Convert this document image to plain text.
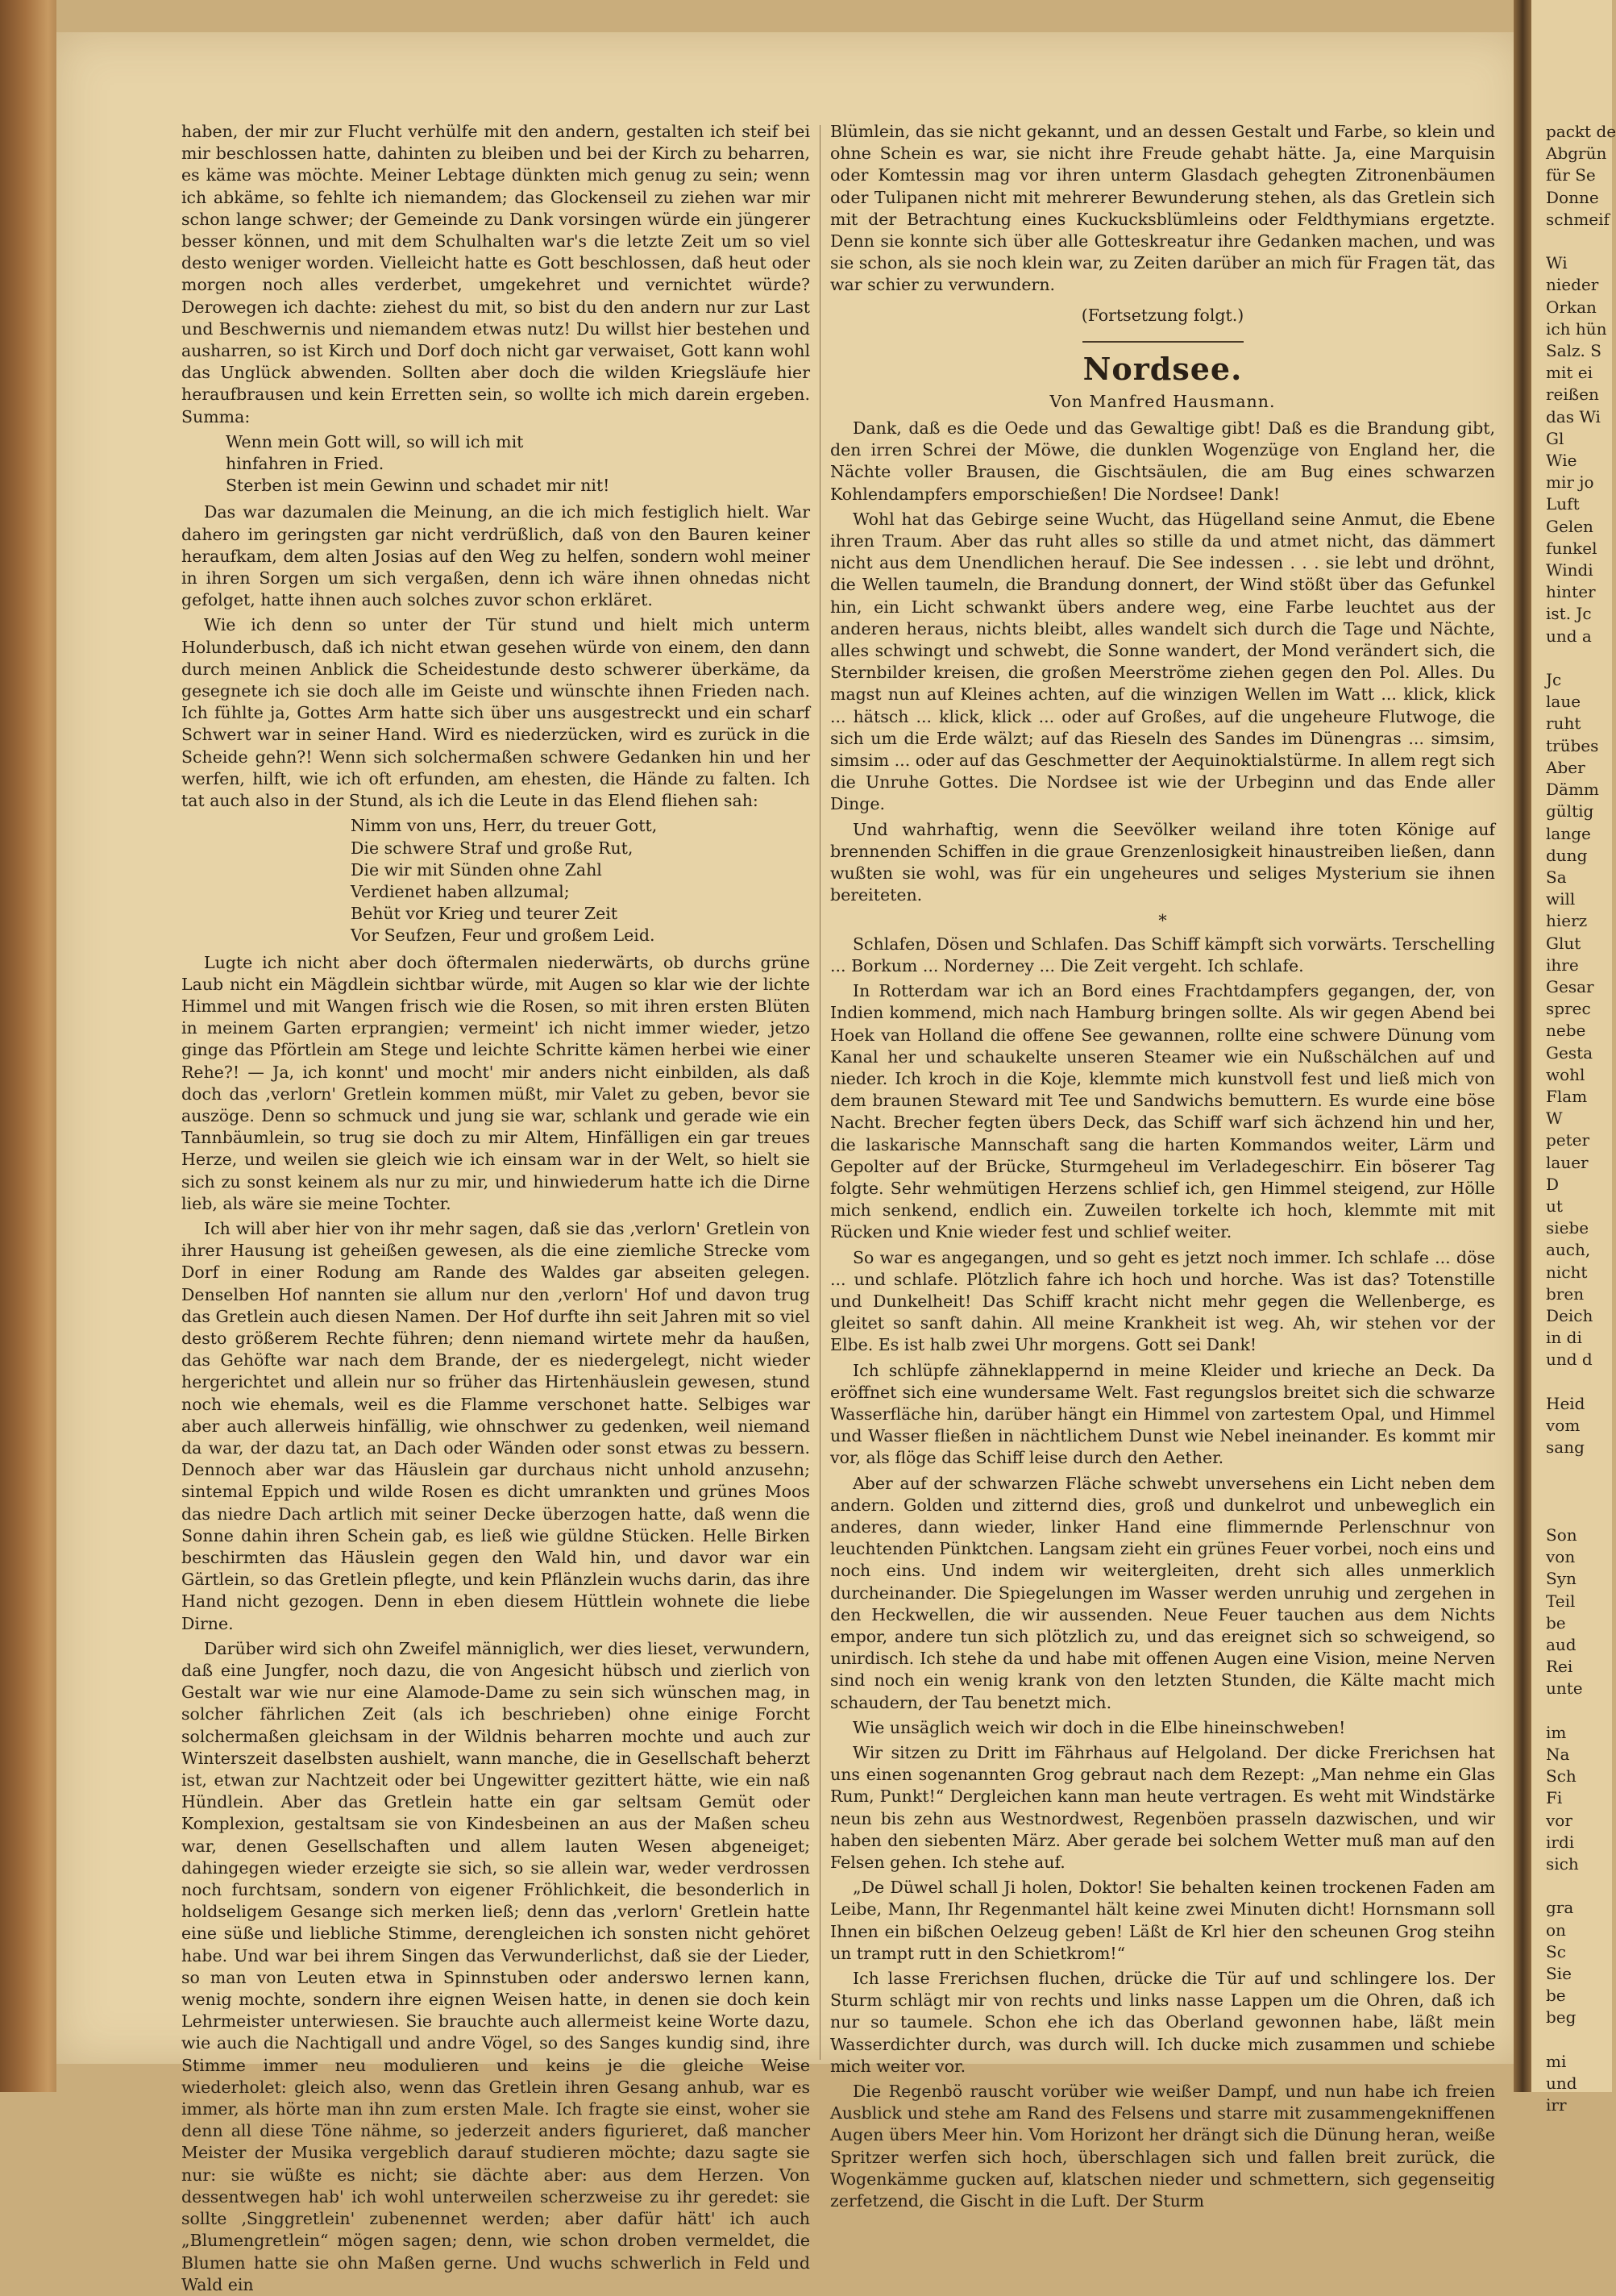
haben, der mir zur Flucht verhülfe mit den andern, gestalten ich steif bei mir beschlossen hatte, dahinten zu bleiben und bei der Kirch zu beharren, es käme was möchte. Meiner Lebtage dünkten mich genug zu sein; wenn ich abkäme, so fehlte ich niemandem; das Glockenseil zu ziehen war mir schon lange schwer; der Gemeinde zu Dank vorsingen würde ein jüngerer besser können, und mit dem Schulhalten war's die letzte Zeit um so viel desto weniger worden. Vielleicht hatte es Gott beschlossen, daß heut oder morgen noch alles verderbet, umgekehret und vernichtet würde? Derowegen ich dachte: ziehest du mit, so bist du den andern nur zur Last und Beschwernis und niemandem etwas nutz! Du willst hier bestehen und ausharren, so ist Kirch und Dorf doch nicht gar verwaiset, Gott kann wohl das Unglück abwenden. Sollten aber doch die wilden Kriegsläufe hier heraufbrausen und kein Erretten sein, so wollte ich mich darein ergeben. Summa:

Wenn mein Gott will, so will ich mit
hinfahren in Fried.
Sterben ist mein Gewinn und schadet mir nit!

Das war dazumalen die Meinung, an die ich mich festiglich hielt. War dahero im geringsten gar nicht verdrüßlich, daß von den Bauren keiner heraufkam, dem alten Josias auf den Weg zu helfen, sondern wohl meiner in ihren Sorgen um sich vergaßen, denn ich wäre ihnen ohnedas nicht gefolget, hatte ihnen auch solches zuvor schon erkläret.

Wie ich denn so unter der Tür stund und hielt mich unterm Holunderbusch, daß ich nicht etwan gesehen würde von einem, den dann durch meinen Anblick die Scheidestunde desto schwerer überkäme, da gesegnete ich sie doch alle im Geiste und wünschte ihnen Frieden nach. Ich fühlte ja, Gottes Arm hatte sich über uns ausgestreckt und ein scharf Schwert war in seiner Hand. Wird es niederzücken, wird es zurück in die Scheide gehn?! Wenn sich solchermaßen schwere Gedanken hin und her werfen, hilft, wie ich oft erfunden, am ehesten, die Hände zu falten. Ich tat auch also in der Stund, als ich die Leute in das Elend fliehen sah:

Nimm von uns, Herr, du treuer Gott,
Die schwere Straf und große Rut,
Die wir mit Sünden ohne Zahl
Verdienet haben allzumal;
Behüt vor Krieg und teurer Zeit
Vor Seufzen, Feur und großem Leid.

Lugte ich nicht aber doch öftermalen niederwärts, ob durchs grüne Laub nicht ein Mägdlein sichtbar würde, mit Augen so klar wie der lichte Himmel und mit Wangen frisch wie die Rosen, so mit ihren ersten Blüten in meinem Garten erprangien; vermeint' ich nicht immer wieder, jetzo ginge das Pförtlein am Stege und leichte Schritte kämen herbei wie einer Rehe?! — Ja, ich konnt' und mocht' mir anders nicht einbilden, als daß doch das ‚verlorn' Gretlein kommen müßt, mir Valet zu geben, bevor sie auszöge. Denn so schmuck und jung sie war, schlank und gerade wie ein Tannbäumlein, so trug sie doch zu mir Altem, Hinfälligen ein gar treues Herze, und weilen sie gleich wie ich einsam war in der Welt, so hielt sie sich zu sonst keinem als nur zu mir, und hinwiederum hatte ich die Dirne lieb, als wäre sie meine Tochter.

Ich will aber hier von ihr mehr sagen, daß sie das ‚verlorn' Gretlein von ihrer Hausung ist geheißen gewesen, als die eine ziemliche Strecke vom Dorf in einer Rodung am Rande des Waldes gar abseiten gelegen. Denselben Hof nannten sie allum nur den ‚verlorn' Hof und davon trug das Gretlein auch diesen Namen. Der Hof durfte ihn seit Jahren mit so viel desto größerem Rechte führen; denn niemand wirtete mehr da haußen, das Gehöfte war nach dem Brande, der es niedergelegt, nicht wieder hergerichtet und allein nur so früher das Hirtenhäuslein gewesen, stund noch wie ehemals, weil es die Flamme verschonet hatte. Selbiges war aber auch allerweis hinfällig, wie ohnschwer zu gedenken, weil niemand da war, der dazu tat, an Dach oder Wänden oder sonst etwas zu bessern. Dennoch aber war das Häuslein gar durchaus nicht unhold anzusehn; sintemal Eppich und wilde Rosen es dicht umrankten und grünes Moos das niedre Dach artlich mit seiner Decke überzogen hatte, daß wenn die Sonne dahin ihren Schein gab, es ließ wie güldne Stücken. Helle Birken beschirmten das Häuslein gegen den Wald hin, und davor war ein Gärtlein, so das Gretlein pflegte, und kein Pflänzlein wuchs darin, das ihre Hand nicht gezogen. Denn in eben diesem Hüttlein wohnete die liebe Dirne.

Darüber wird sich ohn Zweifel männiglich, wer dies lieset, verwundern, daß eine Jungfer, noch dazu, die von Angesicht hübsch und zierlich von Gestalt war wie nur eine Alamode-Dame zu sein sich wünschen mag, in solcher fährlichen Zeit (als ich beschrieben) ohne einige Forcht solchermaßen gleichsam in der Wildnis beharren mochte und auch zur Winterszeit daselbsten aushielt, wann manche, die in Gesellschaft beherzt ist, etwan zur Nachtzeit oder bei Ungewitter gezittert hätte, wie ein naß Hündlein. Aber das Gretlein hatte ein gar seltsam Gemüt oder Komplexion, gestaltsam sie von Kindesbeinen an aus der Maßen scheu war, denen Gesellschaften und allem lauten Wesen abgeneiget; dahingegen wieder erzeigte sie sich, so sie allein war, weder verdrossen noch furchtsam, sondern von eigener Fröhlichkeit, die besonderlich in holdseligem Gesange sich merken ließ; denn das ‚verlorn' Gretlein hatte eine süße und liebliche Stimme, derengleichen ich sonsten nicht gehöret habe. Und war bei ihrem Singen das Verwunderlichst, daß sie der Lieder, so man von Leuten etwa in Spinnstuben oder anderswo lernen kann, wenig mochte, sondern ihre eignen Weisen hatte, in denen sie doch kein Lehrmeister unterwiesen. Sie brauchte auch allermeist keine Worte dazu, wie auch die Nachtigall und andre Vögel, so des Sanges kundig sind, ihre Stimme immer neu modulieren und keins je die gleiche Weise wiederholet: gleich also, wenn das Gretlein ihren Gesang anhub, war es immer, als hörte man ihn zum ersten Male. Ich fragte sie einst, woher sie denn all diese Töne nähme, so jederzeit anders figurieret, daß mancher Meister der Musika vergeblich darauf studieren möchte; dazu sagte sie nur: sie wüßte es nicht; sie dächte aber: aus dem Herzen. Von dessentwegen hab' ich wohl unterweilen scherzweise zu ihr geredet: sie sollte ‚Singgretlein' zubenennet werden; aber dafür hätt' ich auch „Blumengretlein“ mögen sagen; denn, wie schon droben vermeldet, die Blumen hatte sie ohn Maßen gerne. Und wuchs schwerlich in Feld und Wald ein

Blümlein, das sie nicht gekannt, und an dessen Gestalt und Farbe, so klein und ohne Schein es war, sie nicht ihre Freude gehabt hätte. Ja, eine Marquisin oder Komtessin mag vor ihren unterm Glasdach gehegten Zitronenbäumen oder Tulipanen nicht mit mehrerer Bewunderung stehen, als das Gretlein sich mit der Betrachtung eines Kuckucksblümleins oder Feldthymians ergetzte. Denn sie konnte sich über alle Gotteskreatur ihre Gedanken machen, und was sie schon, als sie noch klein war, zu Zeiten darüber an mich für Fragen tät, das war schier zu verwundern.

(Fortsetzung folgt.)

Nordsee.

Von Manfred Hausmann.

Dank, daß es die Oede und das Gewaltige gibt! Daß es die Brandung gibt, den irren Schrei der Möwe, die dunklen Wogenzüge von England her, die Nächte voller Brausen, die Gischtsäulen, die am Bug eines schwarzen Kohlendampfers emporschießen! Die Nordsee! Dank!

Wohl hat das Gebirge seine Wucht, das Hügelland seine Anmut, die Ebene ihren Traum. Aber das ruht alles so stille da und atmet nicht, das dämmert nicht aus dem Unendlichen herauf. Die See indessen . . . sie lebt und dröhnt, die Wellen taumeln, die Brandung donnert, der Wind stößt über das Gefunkel hin, ein Licht schwankt übers andere weg, eine Farbe leuchtet aus der anderen heraus, nichts bleibt, alles wandelt sich durch die Tage und Nächte, alles schwingt und schwebt, die Sonne wandert, der Mond verändert sich, die Sternbilder kreisen, die großen Meerströme ziehen gegen den Pol. Alles. Du magst nun auf Kleines achten, auf die winzigen Wellen im Watt ... klick, klick ... hätsch ... klick, klick ... oder auf Großes, auf die ungeheure Flutwoge, die sich um die Erde wälzt; auf das Rieseln des Sandes im Dünengras ... simsim, simsim ... oder auf das Geschmetter der Aequinoktialstürme. In allem regt sich die Unruhe Gottes. Die Nordsee ist wie der Urbeginn und das Ende aller Dinge.

Und wahrhaftig, wenn die Seevölker weiland ihre toten Könige auf brennenden Schiffen in die graue Grenzenlosigkeit hinaustreiben ließen, dann wußten sie wohl, was für ein ungeheures und seliges Mysterium sie ihnen bereiteten.

*

Schlafen, Dösen und Schlafen. Das Schiff kämpft sich vorwärts. Terschelling ... Borkum ... Norderney ... Die Zeit vergeht. Ich schlafe.

In Rotterdam war ich an Bord eines Frachtdampfers gegangen, der, von Indien kommend, mich nach Hamburg bringen sollte. Als wir gegen Abend bei Hoek van Holland die offene See gewannen, rollte eine schwere Dünung vom Kanal her und schaukelte unseren Steamer wie ein Nußschälchen auf und nieder. Ich kroch in die Koje, klemmte mich kunstvoll fest und ließ mich von dem braunen Steward mit Tee und Sandwichs bemuttern. Es wurde eine böse Nacht. Brecher fegten übers Deck, das Schiff warf sich ächzend hin und her, die laskarische Mannschaft sang die harten Kommandos weiter, Lärm und Gepolter auf der Brücke, Sturmgeheul im Verladegeschirr. Ein böserer Tag folgte. Sehr wehmütigen Herzens schlief ich, gen Himmel steigend, zur Hölle mich senkend, endlich ein. Zuweilen torkelte ich hoch, klemmte mit mit Rücken und Knie wieder fest und schlief weiter.

So war es angegangen, und so geht es jetzt noch immer. Ich schlafe ... döse ... und schlafe. Plötzlich fahre ich hoch und horche. Was ist das? Totenstille und Dunkelheit! Das Schiff kracht nicht mehr gegen die Wellenberge, es gleitet so sanft dahin. All meine Krankheit ist weg. Ah, wir stehen vor der Elbe. Es ist halb zwei Uhr morgens. Gott sei Dank!

Ich schlüpfe zähneklappernd in meine Kleider und krieche an Deck. Da eröffnet sich eine wundersame Welt. Fast regungslos breitet sich die schwarze Wasserfläche hin, darüber hängt ein Himmel von zartestem Opal, und Himmel und Wasser fließen in nächtlichem Dunst wie Nebel ineinander. Es kommt mir vor, als flöge das Schiff leise durch den Aether.

Aber auf der schwarzen Fläche schwebt unversehens ein Licht neben dem andern. Golden und zitternd dies, groß und dunkelrot und unbeweglich ein anderes, dann wieder, linker Hand eine flimmernde Perlenschnur von leuchtenden Pünktchen. Langsam zieht ein grünes Feuer vorbei, noch eins und noch eins. Und indem wir weitergleiten, dreht sich alles unmerklich durcheinander. Die Spiegelungen im Wasser werden unruhig und zergehen in den Heckwellen, die wir aussenden. Neue Feuer tauchen aus dem Nichts empor, andere tun sich plötzlich zu, und das ereignet sich so schweigend, so unirdisch. Ich stehe da und habe mit offenen Augen eine Vision, meine Nerven sind noch ein wenig krank von den letzten Stunden, die Kälte macht mich schaudern, der Tau benetzt mich.

Wie unsäglich weich wir doch in die Elbe hineinschweben!

Wir sitzen zu Dritt im Fährhaus auf Helgoland. Der dicke Frerichsen hat uns einen sogenannten Grog gebraut nach dem Rezept: „Man nehme ein Glas Rum, Punkt!“ Dergleichen kann man heute vertragen. Es weht mit Windstärke neun bis zehn aus Westnordwest, Regenböen prasseln dazwischen, und wir haben den siebenten März. Aber gerade bei solchem Wetter muß man auf den Felsen gehen. Ich stehe auf.

„De Düwel schall Ji holen, Doktor! Sie behalten keinen trockenen Faden am Leibe, Mann, Ihr Regenmantel hält keine zwei Minuten dicht! Hornsmann soll Ihnen ein bißchen Oelzeug geben! Läßt de Krl hier den scheunen Grog steihn un trampt rutt in den Schietkrom!“

Ich lasse Frerichsen fluchen, drücke die Tür auf und schlingere los. Der Sturm schlägt mir von rechts und links nasse Lappen um die Ohren, daß ich nur so taumele. Schon ehe ich das Oberland gewonnen habe, läßt mein Wasserdichter durch, was durch will. Ich ducke mich zusammen und schiebe mich weiter vor.

Die Regenbö rauscht vorüber wie weißer Dampf, und nun habe ich freien Ausblick und stehe am Rand des Felsens und starre mit zusammengekniffenen Augen übers Meer hin. Vom Horizont her drängt sich die Dünung heran, weiße Spritzer werfen sich hoch, überschlagen sich und fallen breit zurück, die Wogenkämme gucken auf, klatschen nieder und schmettern, sich gegenseitig zerfetzend, die Gischt in die Luft. Der Sturm

packt de
Abgrün
für Se
Donne
schmeif

Wi
nieder
Orkan
ich hün
Salz. S
mit ei
reißen
das Wi
Gl
Wie
mir jo
Luft
Gelen
funkel
Windi
hinter
ist. Jc
und a

Jc
laue
ruht
trübes
Aber
Dämm
gültig
lange
dung
Sa
will
hierz
Glut
ihre
Gesar
sprec
nebe
Gesta
wohl
Flam
W
peter
lauer
D
ut
siebe
auch,
nicht
bren
Deich
in di
und d

Heid
vom
sang

Son
von
Syn
Teil
be
aud
Rei
unte

im
Na
Sch
Fi
vor
irdi
sich

gra
on
Sc
Sie
be
beg

mi
und
irr
